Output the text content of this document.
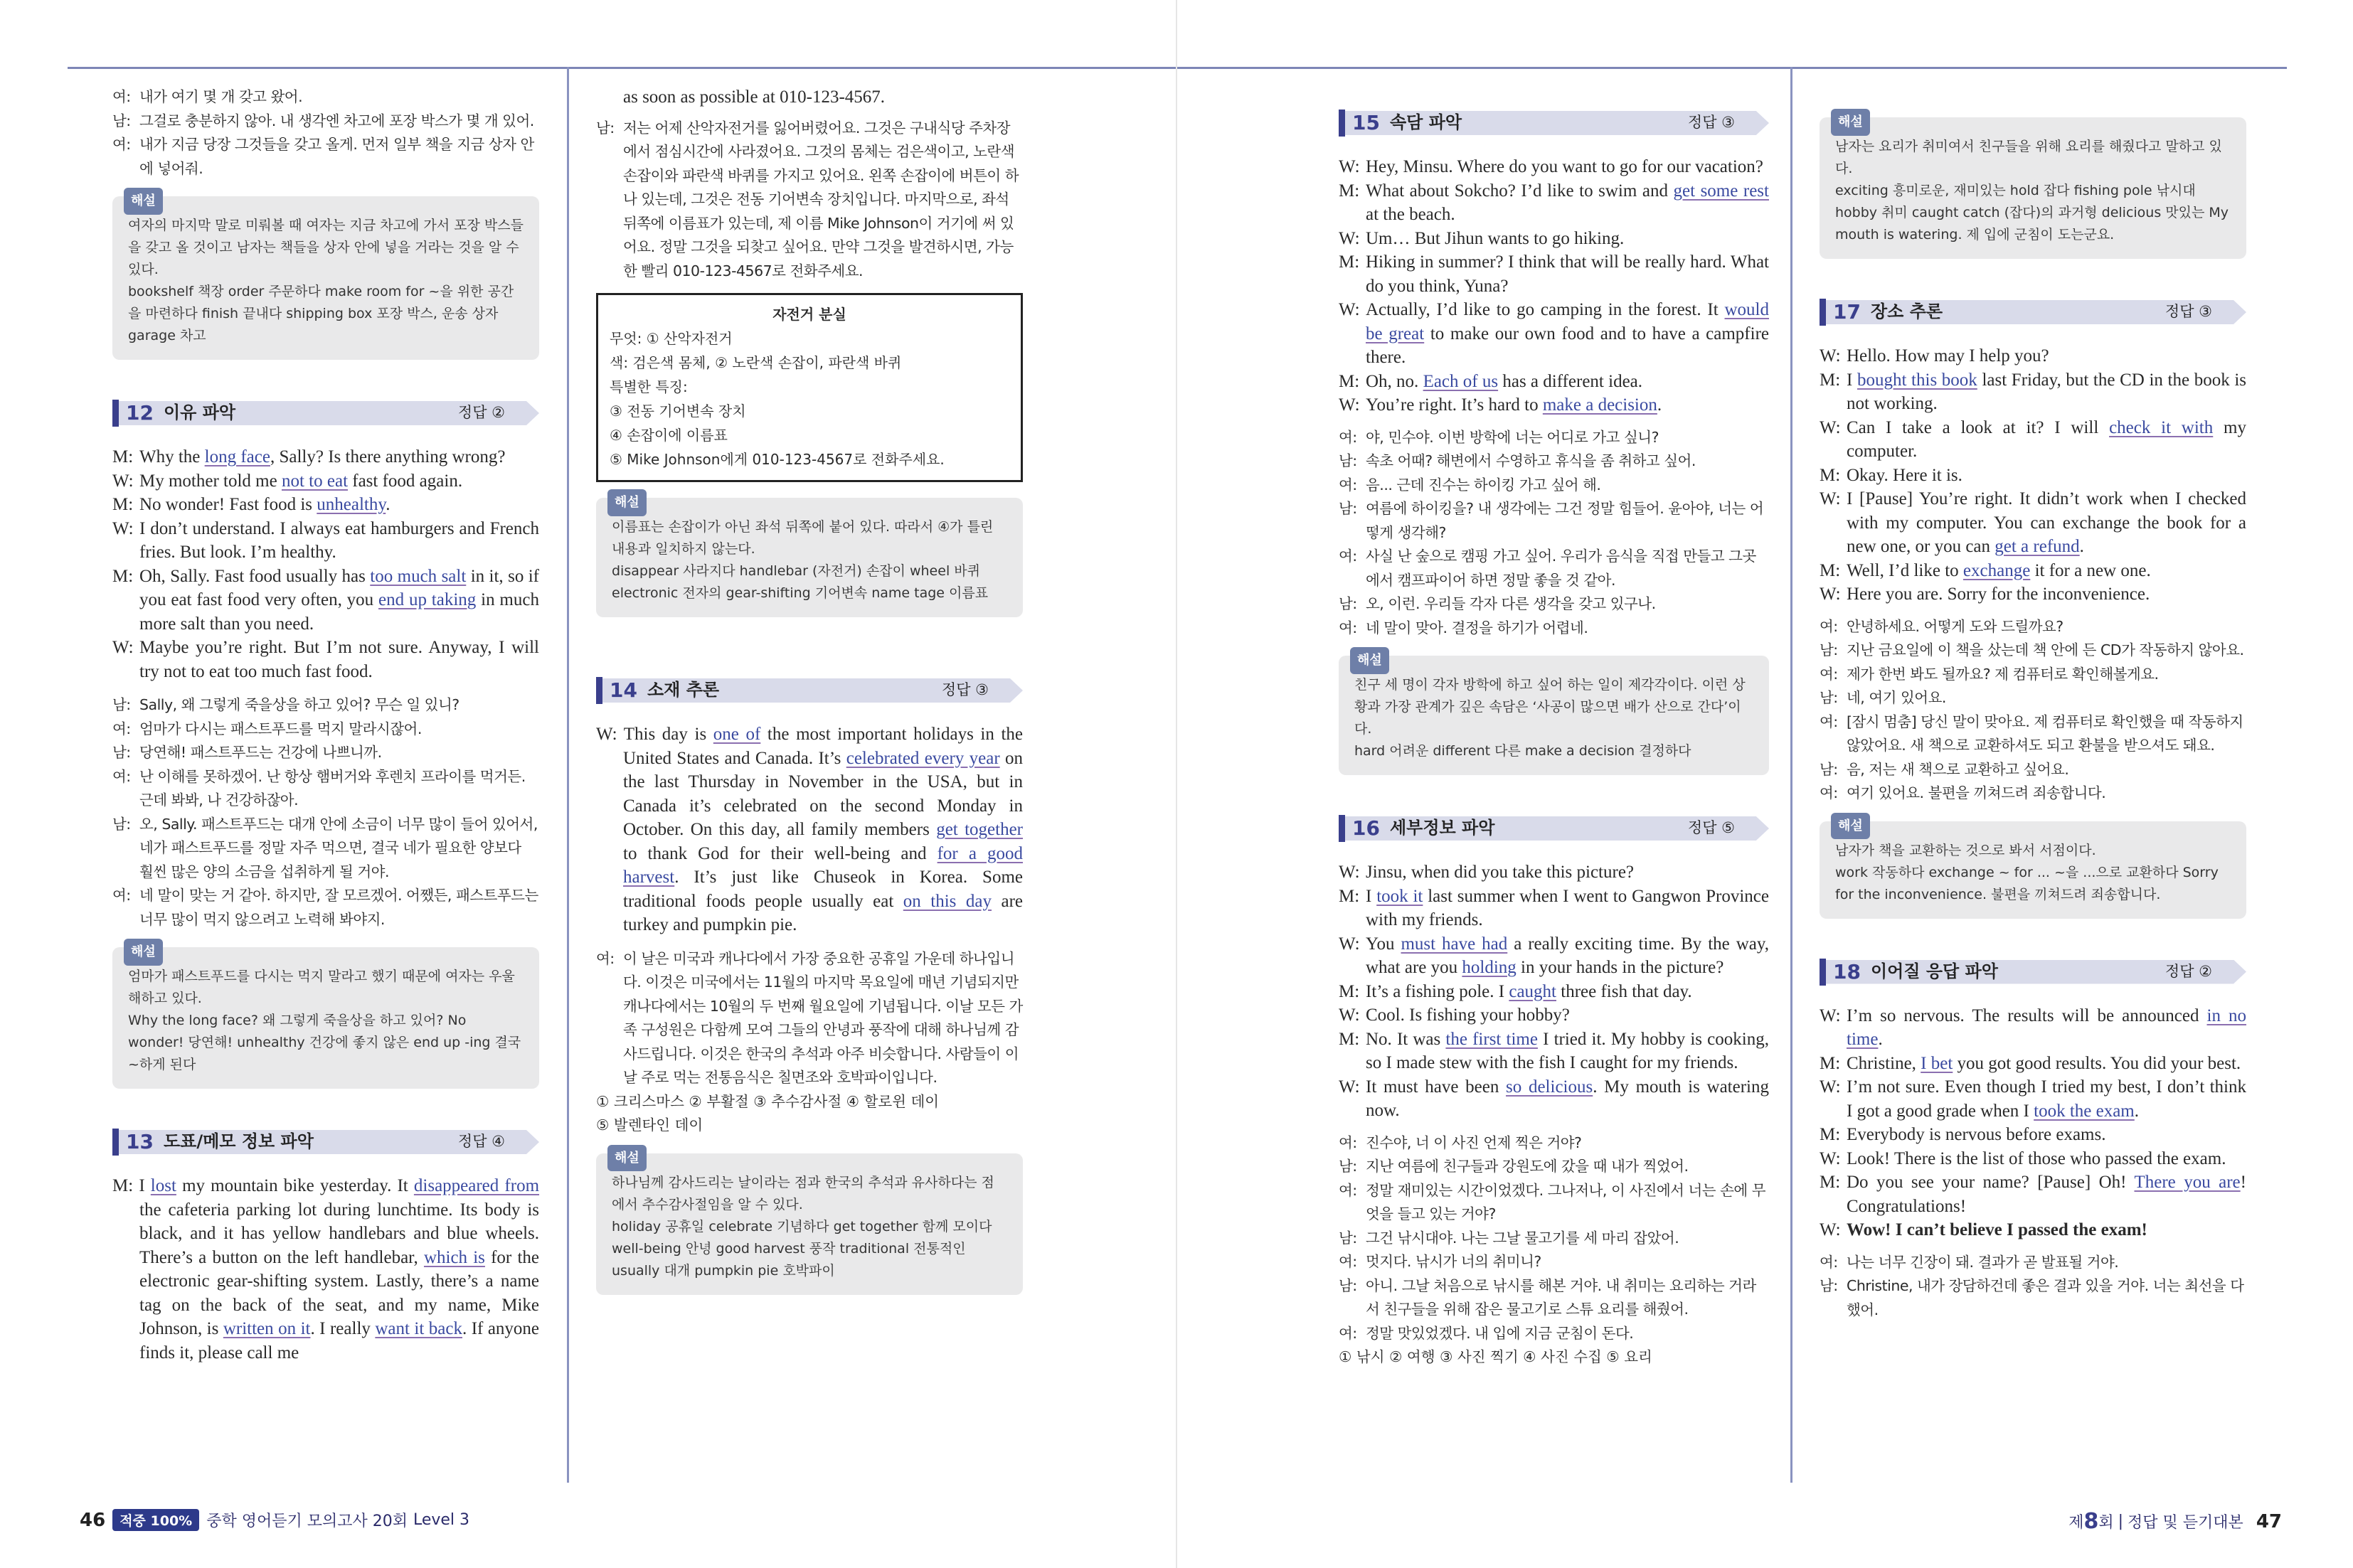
여: 내가 여기 몇 개 갖고 왔어.
남: 그걸로 충분하지 않아. 내 생각엔 차고에 포장 박스가 몇 개 있어.
여: 내가 지금 당장 그것들을 갖고 올게. 먼저 일부 책을 지금 상자 안에 넣어줘.
해설

여자의 마지막 말로 미뤄볼 때 여자는 지금 차고에 가서 포장 박스들을 갖고 올 것이고 남자는 책들을 상자 안에 넣을 거라는 것을 알 수 있다.

bookshelf 책장 order 주문하다 make room for ~을 위한 공간을 마련하다 finish 끝내다 shipping box 포장 박스, 운송 상자 garage 차고

12 이유 파악	정답 ②
M: Why the long face, Sally? Is there anything wrong?
W: My mother told me not to eat fast food again.
M: No wonder! Fast food is unhealthy.
W: I don’t understand. I always eat hamburgers and French fries. But look. I’m healthy.
M: Oh, Sally. Fast food usually has too much salt in it, so if you eat fast food very often, you end up taking in much more salt than you need.
W: Maybe you’re right. But I’m not sure. Anyway, I will try not to eat too much fast food.
남: Sally, 왜 그렇게 죽을상을 하고 있어? 무슨 일 있니?
여: 엄마가 다시는 패스트푸드를 먹지 말라시잖어.
남: 당연해! 패스트푸드는 건강에 나쁘니까.
여: 난 이해를 못하겠어. 난 항상 햄버거와 후렌치 프라이를 먹거든. 근데 봐봐, 나 건강하잖아.
남: 오, Sally. 패스트푸드는 대개 안에 소금이 너무 많이 들어 있어서, 네가 패스트푸드를 정말 자주 먹으면, 결국 네가 필요한 양보다 훨씬 많은 양의 소금을 섭취하게 될 거야.
여: 네 말이 맞는 거 같아. 하지만, 잘 모르겠어. 어쨌든, 패스트푸드는 너무 많이 먹지 않으려고 노력해 봐야지.
해설

엄마가 패스트푸드를 다시는 먹지 말라고 했기 때문에 여자는 우울해하고 있다.

Why the long face? 왜 그렇게 죽을상을 하고 있어? No wonder! 당연해! unhealthy 건강에 좋지 않은 end up -ing 결국 ~하게 된다

13 도표/메모 정보 파악	정답 ④
M: I lost my mountain bike yesterday. It disappeared from the cafeteria parking lot during lunchtime. Its body is black, and it has yellow handlebars and blue wheels. There’s a button on the left handlebar, which is for the electronic gear-shifting system. Lastly, there’s a name tag on the back of the seat, and my name, Mike Johnson, is written on it. I really want it back. If anyone finds it, please call me
as soon as possible at 010-123-4567.
남: 저는 어제 산악자전거를 잃어버렸어요. 그것은 구내식당 주차장에서 점심시간에 사라졌어요. 그것의 몸체는 검은색이고, 노란색 손잡이와 파란색 바퀴를 가지고 있어요. 왼쪽 손잡이에 버튼이 하나 있는데, 그것은 전동 기어변속 장치입니다. 마지막으로, 좌석 뒤쪽에 이름표가 있는데, 제 이름 Mike Johnson이 거기에 써 있어요. 정말 그것을 되찾고 싶어요. 만약 그것을 발견하시면, 가능한 빨리 010-123-4567로 전화주세요.
자전거 분실
무엇: ① 산악자전거
색: 검은색 몸체, ② 노란색 손잡이, 파란색 바퀴
특별한 특징:
③ 전동 기어변속 장치
④ 손잡이에 이름표
⑤ Mike Johnson에게 010-123-4567로 전화주세요.
해설

이름표는 손잡이가 아닌 좌석 뒤쪽에 붙어 있다. 따라서 ④가 틀린 내용과 일치하지 않는다.

disappear 사라지다 handlebar (자전거) 손잡이 wheel 바퀴 electronic 전자의 gear-shifting 기어변속 name tage 이름표

14 소재 추론	정답 ③
W: This day is one of the most important holidays in the United States and Canada. It’s celebrated every year on the last Thursday in November in the USA, but in Canada it’s celebrated on the second Monday in October. On this day, all family members get together to thank God for their well-being and for a good harvest. It’s just like Chuseok in Korea. Some traditional foods people usually eat on this day are turkey and pumpkin pie.
여: 이 날은 미국과 캐나다에서 가장 중요한 공휴일 가운데 하나입니다. 이것은 미국에서는 11월의 마지막 목요일에 매년 기념되지만 캐나다에서는 10월의 두 번째 월요일에 기념됩니다. 이날 모든 가족 구성원은 다함께 모여 그들의 안녕과 풍작에 대해 하나님께 감사드립니다. 이것은 한국의 추석과 아주 비슷합니다. 사람들이 이날 주로 먹는 전통음식은 칠면조와 호박파이입니다.
① 크리스마스 ② 부활절 ③ 추수감사절 ④ 할로윈 데이
⑤ 발렌타인 데이
해설

하나님께 감사드리는 날이라는 점과 한국의 추석과 유사하다는 점에서 추수감사절임을 알 수 있다.

holiday 공휴일 celebrate 기념하다 get together 함께 모이다 well-being 안녕 good harvest 풍작 traditional 전통적인 usually 대개 pumpkin pie 호박파이

15 속담 파악	정답 ③
W: Hey, Minsu. Where do you want to go for our vacation?
M: What about Sokcho? I’d like to swim and get some rest at the beach.
W: Um… But Jihun wants to go hiking.
M: Hiking in summer? I think that will be really hard. What do you think, Yuna?
W: Actually, I’d like to go camping in the forest. It would be great to make our own food and to have a campfire there.
M: Oh, no. Each of us has a different idea.
W: You’re right. It’s hard to make a decision.
여: 야, 민수야. 이번 방학에 너는 어디로 가고 싶니?
남: 속초 어때? 해변에서 수영하고 휴식을 좀 취하고 싶어.
여: 음... 근데 진수는 하이킹 가고 싶어 해.
남: 여름에 하이킹을? 내 생각에는 그건 정말 힘들어. 윤아야, 너는 어떻게 생각해?
여: 사실 난 숲으로 캠핑 가고 싶어. 우리가 음식을 직접 만들고 그곳에서 캠프파이어 하면 정말 좋을 것 같아.
남: 오, 이런. 우리들 각자 다른 생각을 갖고 있구나.
여: 네 말이 맞아. 결정을 하기가 어렵네.
해설

친구 세 명이 각자 방학에 하고 싶어 하는 일이 제각각이다. 이런 상황과 가장 관계가 깊은 속담은 ‘사공이 많으면 배가 산으로 간다’이다.

hard 어려운 different 다른 make a decision 결정하다

16 세부정보 파악	정답 ⑤
W: Jinsu, when did you take this picture?
M: I took it last summer when I went to Gangwon Province with my friends.
W: You must have had a really exciting time. By the way, what are you holding in your hands in the picture?
M: It’s a fishing pole. I caught three fish that day.
W: Cool. Is fishing your hobby?
M: No. It was the first time I tried it. My hobby is cooking, so I made stew with the fish I caught for my friends.
W: It must have been so delicious. My mouth is watering now.
여: 진수야, 너 이 사진 언제 찍은 거야?
남: 지난 여름에 친구들과 강원도에 갔을 때 내가 찍었어.
여: 정말 재미있는 시간이었겠다. 그나저나, 이 사진에서 너는 손에 무엇을 들고 있는 거야?
남: 그건 낚시대야. 나는 그날 물고기를 세 마리 잡았어.
여: 멋지다. 낚시가 너의 취미니?
남: 아니. 그날 처음으로 낚시를 해본 거야. 내 취미는 요리하는 거라서 친구들을 위해 잡은 물고기로 스튜 요리를 해줬어.
여: 정말 맛있었겠다. 내 입에 지금 군침이 돈다.
① 낚시 ② 여행 ③ 사진 찍기 ④ 사진 수집 ⑤ 요리
해설

남자는 요리가 취미여서 친구들을 위해 요리를 해줬다고 말하고 있다.

exciting 흥미로운, 재미있는 hold 잡다 fishing pole 낚시대 hobby 취미 caught catch (잡다)의 과거형 delicious 맛있는 My mouth is watering. 제 입에 군침이 도는군요.

17 장소 추론	정답 ③
W: Hello. How may I help you?
M: I bought this book last Friday, but the CD in the book is not working.
W: Can I take a look at it? I will check it with my computer.
M: Okay. Here it is.
W: I [Pause] You’re right. It didn’t work when I checked with my computer. You can exchange the book for a new one, or you can get a refund.
M: Well, I’d like to exchange it for a new one.
W: Here you are. Sorry for the inconvenience.
여: 안녕하세요. 어떻게 도와 드릴까요?
남: 지난 금요일에 이 책을 샀는데 책 안에 든 CD가 작동하지 않아요.
여: 제가 한번 봐도 될까요? 제 컴퓨터로 확인해볼게요.
남: 네, 여기 있어요.
여: [잠시 멈춤] 당신 말이 맞아요. 제 컴퓨터로 확인했을 때 작동하지 않았어요. 새 책으로 교환하셔도 되고 환불을 받으셔도 돼요.
남: 음, 저는 새 책으로 교환하고 싶어요.
여: 여기 있어요. 불편을 끼쳐드려 죄송합니다.
해설

남자가 책을 교환하는 것으로 봐서 서점이다.

work 작동하다 exchange ~ for ... ~을 ...으로 교환하다 Sorry for the inconvenience. 불편을 끼쳐드려 죄송합니다.

18 이어질 응답 파악	정답 ②
W: I’m so nervous. The results will be announced in no time.
M: Christine, I bet you got good results. You did your best.
W: I’m not sure. Even though I tried my best, I don’t think I got a good grade when I took the exam.
M: Everybody is nervous before exams.
W: Look! There is the list of those who passed the exam.
M: Do you see your name? [Pause] Oh! There you are! Congratulations!
W: Wow! I can’t believe I passed the exam!
여: 나는 너무 긴장이 돼. 결과가 곧 발표될 거야.
남: Christine, 내가 장담하건데 좋은 결과 있을 거야. 너는 최선을 다 했어.
46	적중 100% 중학 영어듣기 모의고사 20회 Level 3	제 8 회 | 정답 및 듣기대본 47
